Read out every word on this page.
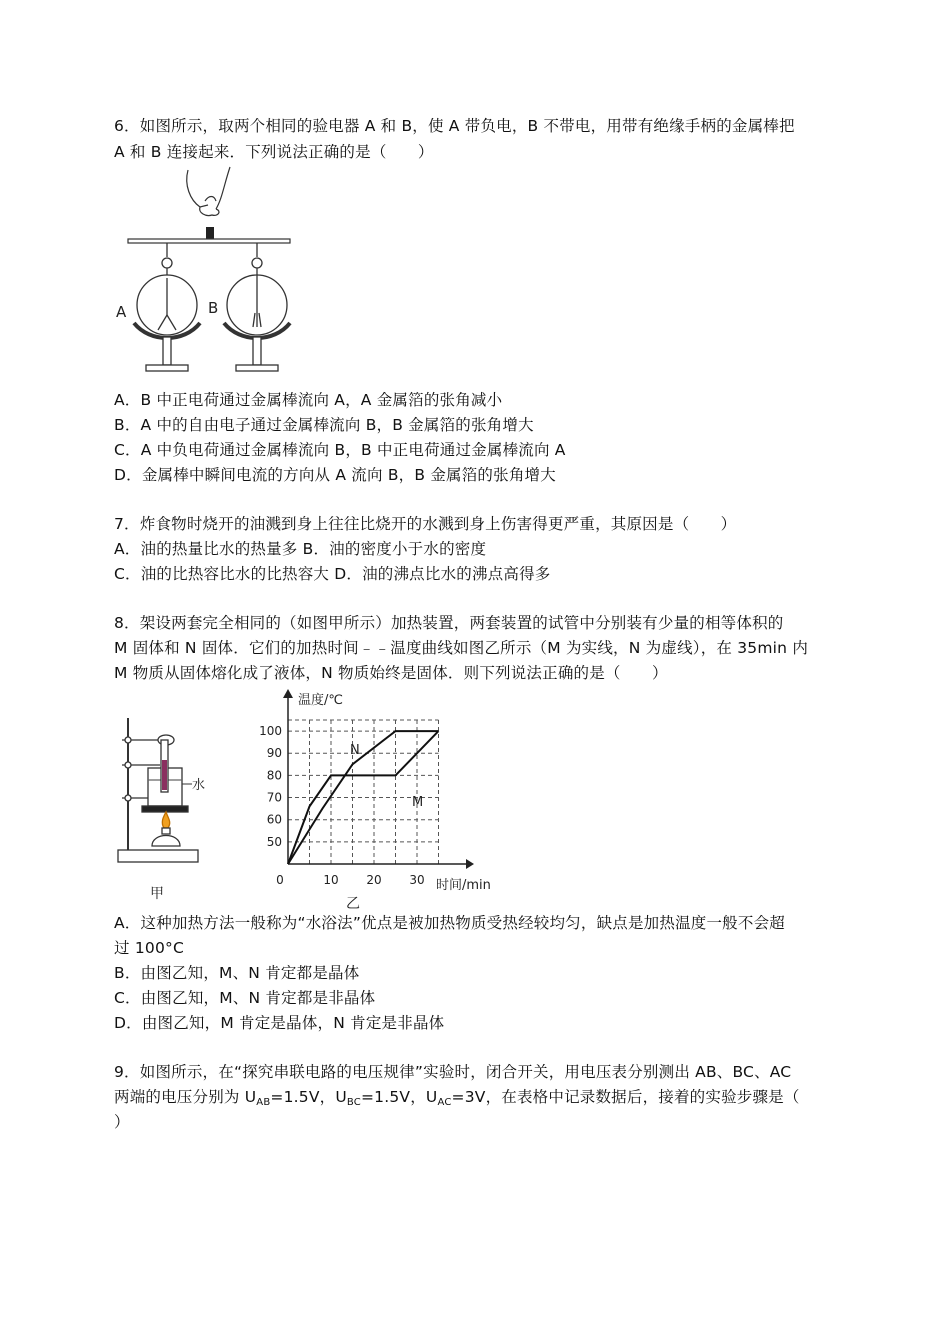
6．如图所示，取两个相同的验电器 A 和 B，使 A 带负电，B 不带电，用带有绝缘手柄的金属棒把
A 和 B 连接起来．下列说法正确的是（　　）
A	B
A．B 中正电荷通过金属棒流向 A，A 金属箔的张角减小
B．A 中的自由电子通过金属棒流向 B，B 金属箔的张角增大
C．A 中负电荷通过金属棒流向 B，B 中正电荷通过金属棒流向 A
D．金属棒中瞬间电流的方向从 A 流向 B，B 金属箔的张角增大
7．炸食物时烧开的油溅到身上往往比烧开的水溅到身上伤害得更严重，其原因是（　　）
A．油的热量比水的热量多 B．油的密度小于水的密度
C．油的比热容比水的比热容大 D．油的沸点比水的沸点高得多
8．架设两套完全相同的（如图甲所示）加热装置，两套装置的试管中分别装有少量的相等体积的
M 固体和 N 固体．它们的加热时间﹣﹣温度曲线如图乙所示（M 为实线，N 为虚线），在 35min 内
M 物质从固体熔化成了液体，N 物质始终是固体．则下列说法正确的是（　　）
水
甲
温度/℃
时间/min
乙
50
60
70
80
90
100
0	10 20 30
N
M
A．这种加热方法一般称为“水浴法”优点是被加热物质受热经较均匀，缺点是加热温度一般不会超
过 100°C
B．由图乙知，M、N 肯定都是晶体
C．由图乙知，M、N 肯定都是非晶体
D．由图乙知，M 肯定是晶体，N 肯定是非晶体
9．如图所示，在“探究串联电路的电压规律”实验时，闭合开关，用电压表分别测出 AB、BC、AC
两端的电压分别为 $U_{AB}=1.5V$，$U_{BC}=1.5V$，$U_{AC}=3V$，在表格中记录数据后，接着的实验步骤是（
）
